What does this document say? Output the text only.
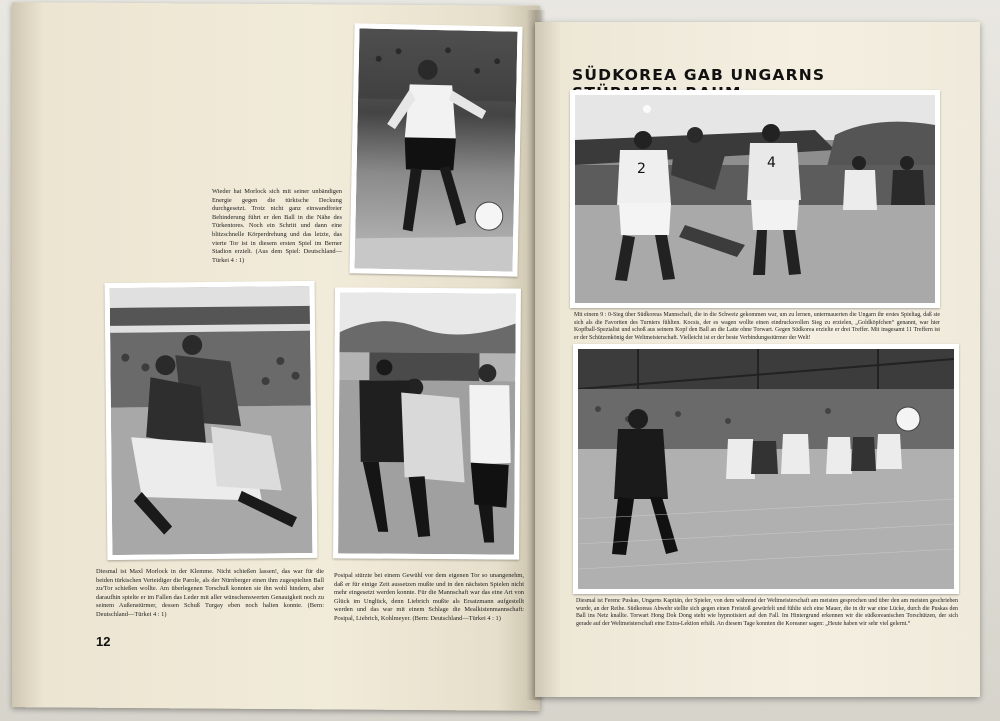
Wieder hat Morlock sich mit seiner unbändigen Energie gegen die türkische Deckung durchgesetzt. Trotz nicht ganz einwandfreier Behinderung führt er den Ball in die Nähe des Türkentores. Noch ein Schritt und dann eine blitzschnelle Körperdrehung und das letzte, das vierte Tor ist in diesem ersten Spiel im Berner Stadion erzielt. (Aus dem Spiel: Deutschland—Türkei 4 : 1)
Diesmal ist Maxl Morlock in der Klemme. Nicht schießen lassen!, das war für die beiden türkischen Verteidiger die Parole, als der Nürnberger einen ihm zugespielten Ball zu/Tor schießen wollte. Am überlegenen Torschuß konnten sie ihn wohl hindern, aber daraufhin spielte er im Fallen das Leder mit aller wünschenswerten Genauigkeit noch zu seinem Außenstürmer, dessen Schuß Turgay eben noch halten konnte. (Bern: Deutschland—Türkei 4 : 1)
Posipal stürzte bei einem Gewühl vor dem eigenen Tor so unangenehm, daß er für einige Zeit aussetzen mußte und in den nächsten Spielen nicht mehr eingesetzt werden konnte. Für die Mannschaft war das eine Art von Glück im Unglück, denn Liebrich mußte als Ersatzmann aufgestellt werden und das war mit einem Schlage die Mealkistenmannschaft: Posipal, Liebrich, Kohlmeyer. (Bern: Deutschland—Türkei 4 : 1)
12
SÜDKOREA GAB UNGARNS
2	4
Mit einem 9 : 0-Sieg über Südkoreas Mannschaft, die in die Schweiz gekommen war, um zu lernen, untermauerten die Ungarn ihr erstes Spieltag, daß sie sich als die Favoriten des Turniers fühlten. Kocsis, der es wagen wollte einen eindrucksvollen Sieg zu erzielen, „Goldköpfchen“ genannt, war hier Kopfball-Spezialist und schoß aus seinem Kopf den Ball an die Latte ohne Torwart. Gegen Südkorea erzielte er drei Treffer. Mit insgesamt 11 Treffern ist er der Schützenkönig der Weltmeisterschaft. Vielleicht ist er der beste Verbindungsstürmer der Welt!
Diesmal ist Ferenc Puskas, Ungarns Kapitän, der Spieler, von dem während der Weltmeisterschaft am meisten gesprochen und über den am meisten geschrieben wurde, an der Reihe. Südkoreas Abwehr stellte sich gegen einen Freistoß gewürfelt und fühlte sich eine Mauer, die in dir war eine Lücke, durch die Puskas den Ball ins Netz knallte. Torwart Hong Dok Dong steht wie hypnotisiert auf den Fall. Im Hintergrund erkennen wir die südkoreanischen Torschützen, der sich gerade auf der Weltmeisterschaft eine Extra-Lektion erhält. An diesem Tage konnten die Koreaner sagen: „Heute haben wir sehr viel gelernt.“
